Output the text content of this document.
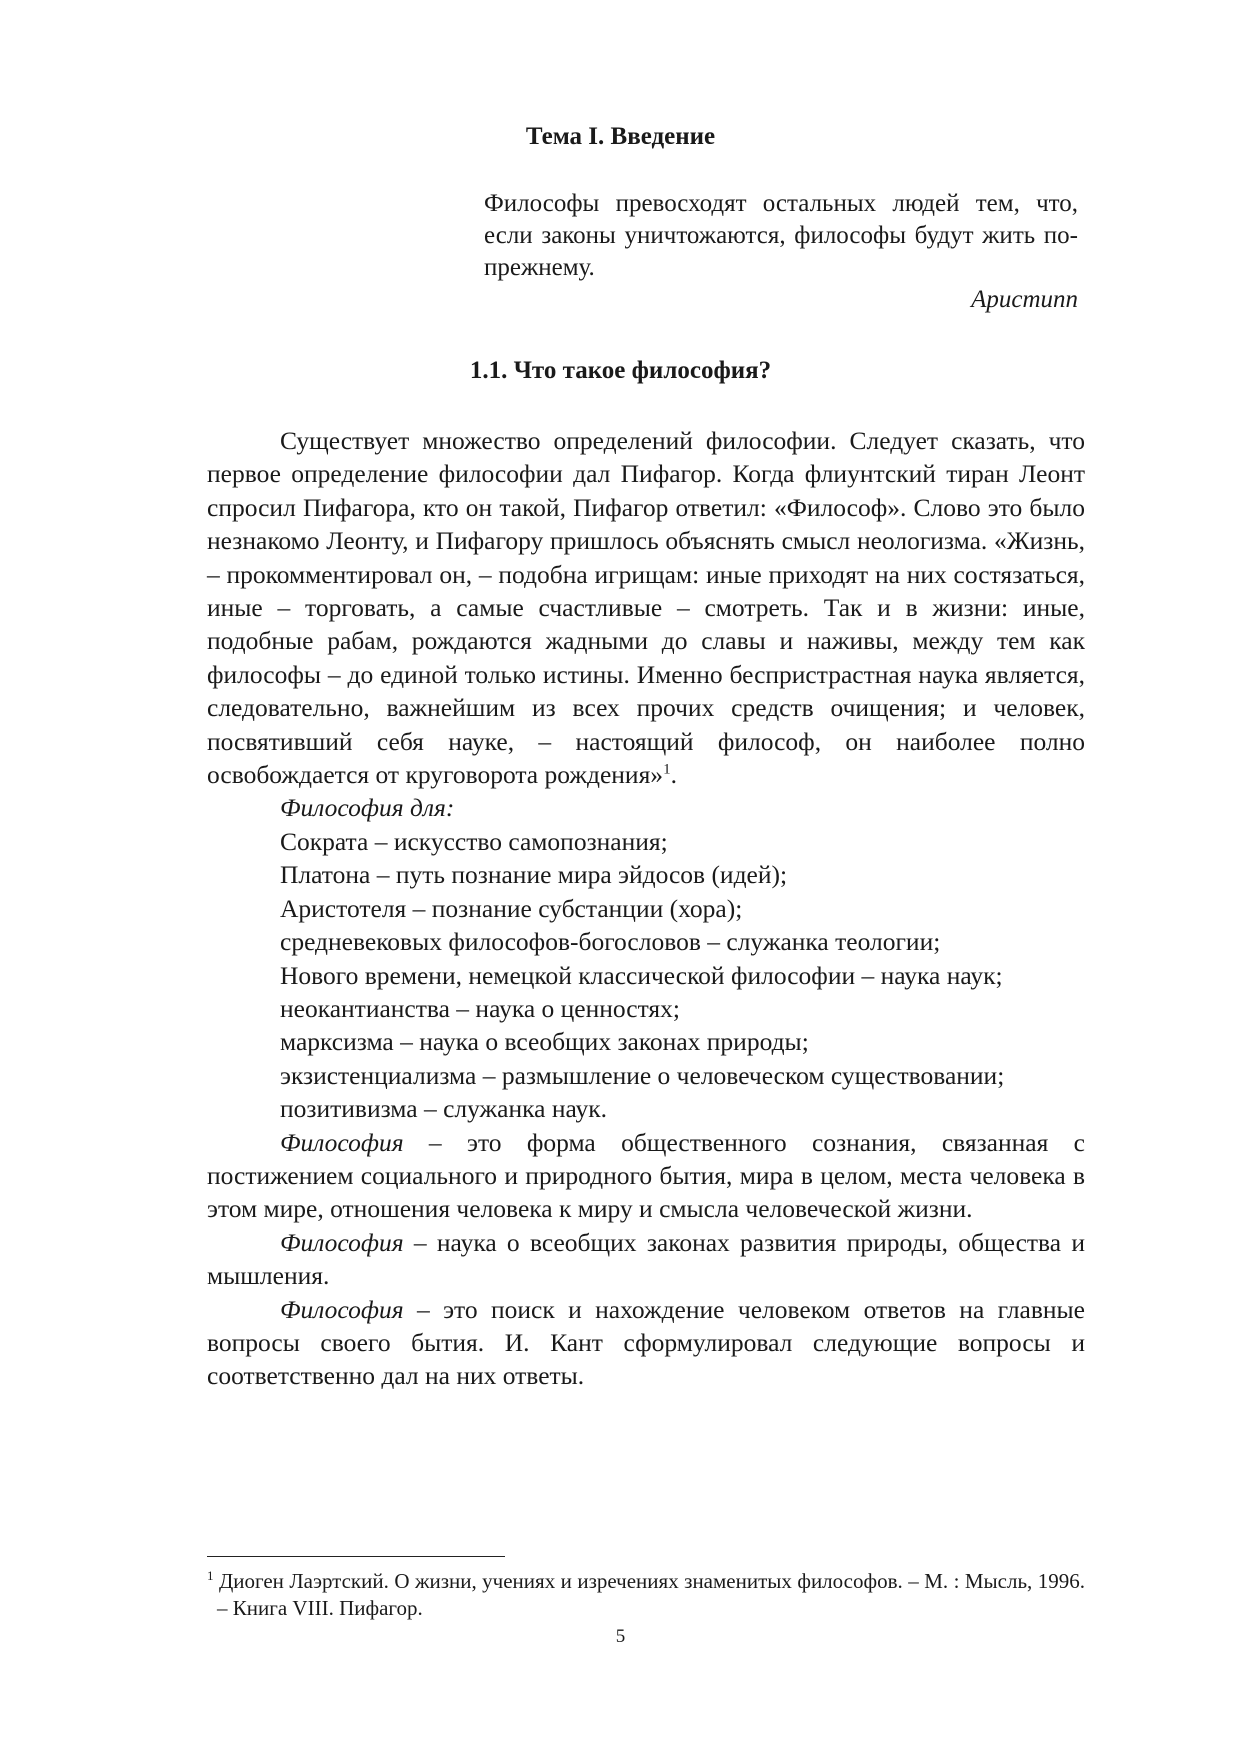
Тема I. Введение

Философы превосходят остальных людей тем, что, если законы уничтожаются, философы будут жить по-прежнему.

Аристипп

1.1. Что такое философия?

Существует множество определений философии. Следует сказать, что первое определение философии дал Пифагор. Когда флиунтский тиран Леонт спросил Пифагора, кто он такой, Пифагор ответил: «Философ». Слово это было незнакомо Леонту, и Пифагору пришлось объяснять смысл неологизма. «Жизнь, – прокомментировал он, – подобна игрищам: иные приходят на них состязаться, иные – торговать, а самые счастливые – смотреть. Так и в жизни: иные, подобные рабам, рождаются жадными до славы и наживы, между тем как философы – до единой только истины. Именно беспристрастная наука является, следовательно, важнейшим из всех прочих средств очищения; и человек, посвятивший себя науке, – настоящий философ, он наиболее полно освобождается от круговорота рождения»$^1$.

Философия для:

Сократа – искусство самопознания;

Платона – путь познание мира эйдосов (идей);

Аристотеля – познание субстанции (хора);

средневековых философов-богословов – служанка теологии;

Нового времени, немецкой классической философии – наука наук;

неокантианства – наука о ценностях;

марксизма – наука о всеобщих законах природы;

экзистенциализма – размышление о человеческом существовании;

позитивизма – служанка наук.

Философия – это форма общественного сознания, связанная с постижением социального и природного бытия, мира в целом, места человека в этом мире, отношения человека к миру и смысла человеческой жизни.

Философия – наука о всеобщих законах развития природы, общества и мышления.

Философия – это поиск и нахождение человеком ответов на главные вопросы своего бытия. И. Кант сформулировал следующие вопросы и соответственно дал на них ответы.

$^1$ Диоген Лаэртский. О жизни, учениях и изречениях знаменитых философов. – М. : Мысль, 1996. – Книга VIII. Пифагор.

5
